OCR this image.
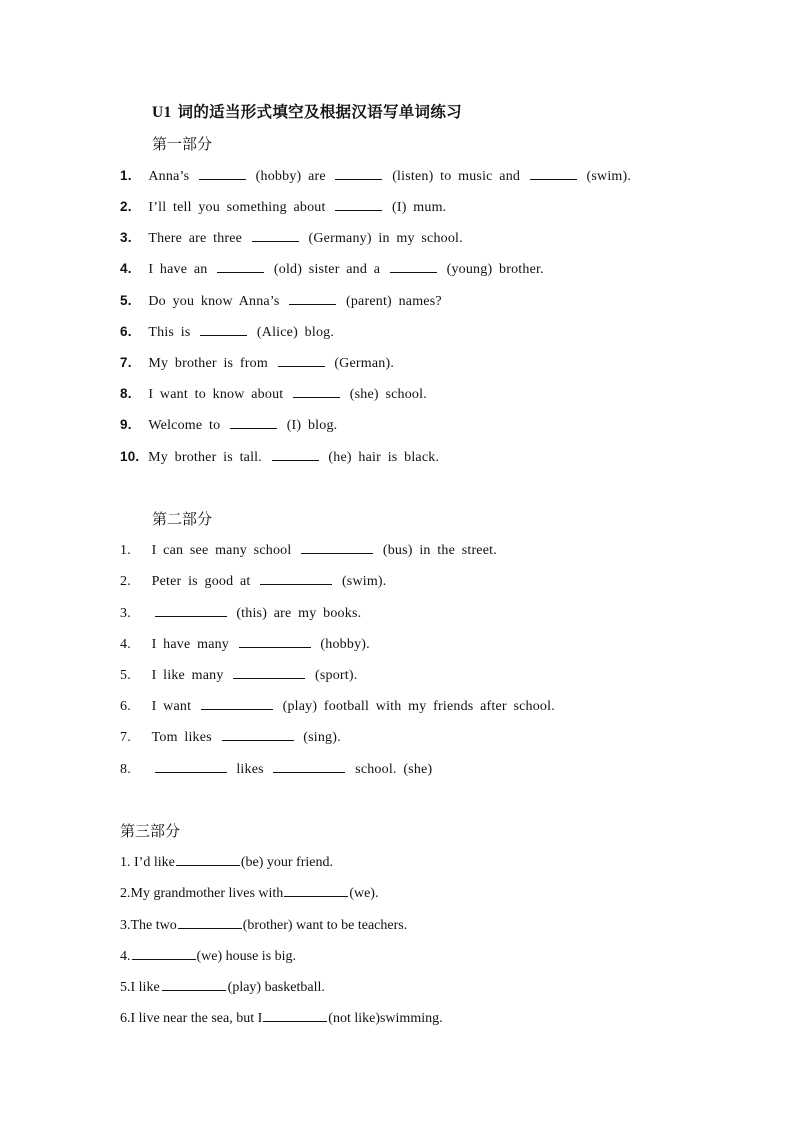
U1 词的适当形式填空及根据汉语写单词练习
第一部分
1. Anna’s	(hobby) are	(listen) to music and	(swim).
2. I’ll tell you something about	(I) mum.
3. There are three	(Germany) in my school.
4. I have an	(old) sister and a	(young) brother.
5. Do you know Anna’s	(parent) names?
6. This is	(Alice) blog.
7. My brother is from	(German).
8. I want to know about	(she) school.
9. Welcome to	(I) blog.
10. My brother is tall.	(he) hair is black.
第二部分
1. I can see many school	(bus) in the street.
2. Peter is good at	(swim).
3.	(this) are my books.
4. I have many	(hobby).
5. I like many	(sport).
6. I want	(play) football with my friends after school.
7. Tom likes	(sing).
8.	likes	school. (she)
第三部分
1. I’d like	(be) your friend.
2.My grandmother lives with	(we).
3.The two	(brother) want to be teachers.
4.	(we) house is big.
5.I like	(play) basketball.
6.I live near the sea, but I	(not like)swimming.
